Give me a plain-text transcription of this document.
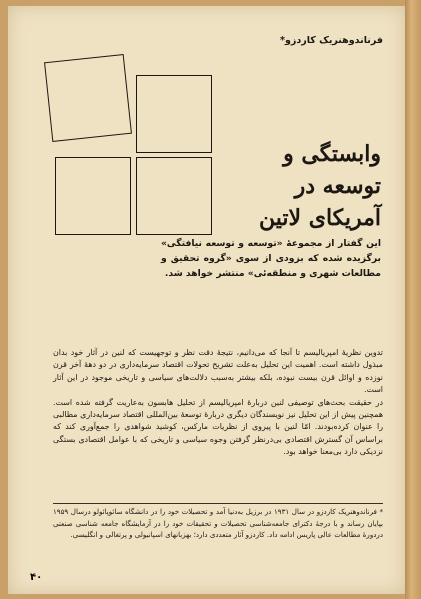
فرناندوهنریک کاردزو*
وابستگی و
توسعه در
آمریکای لاتین
این گفتار از مجموعهٔ «توسعه و توسعه نیافتگی» برگزیده شده که بزودی از سوی «گروه تحقیق و مطالعات شهری و منطقه‌ئی» منتشر خواهد شد.

تدوین نظریهٔ امپریالیسم تا آنجا که می‌دانیم، نتیجهٔ دقت نظر و توجهیست که لنین در آثار خود بدان مبذول داشته است. اهمیت این تحلیل به‌علت تشریح تحولات اقتصاد سرمایه‌داری در دو دههٔ آخر قرن نوزده و اوائل قرن بیست نبوده، بلکه بیشتر به‌سبب دلالت‌های سیاسی و تاریخی موجود در این آثار است.

در حقیقت بحث‌های توصیفی لنین دربارهٔ امپریالیسم از تحلیل هابسون به‌عاریت گرفته شده است. همچنین پیش از این تحلیل نیز نویسندگان دیگری دربارهٔ توسعهٔ بین‌المللی اقتصاد سرمایه‌داری مطالبی را عنوان کرده‌بودند. امّا لنین با پیروی از نظریات مارکس، کوشید شواهدی را جمع‌آوری کند که براساس آن گسترش اقتصادی بی‌درنظر گرفتن وجوه سیاسی و تاریخی که با عوامل اقتصادی بستگی نزدیکی دارد بی‌معنا خواهد بود.

* فرناندوهنریک کاردزو در سال ۱۹۳۱ در برزیل به‌دنیا آمد و تحصیلات خود را در دانشگاه سائوپائولو درسال ۱۹۵۹ بپایان رساند و با درجهٔ دکترای جامعه‌شناسی تحصیلات و تحقیقات خود را در آزمایشگاه جامعه شناسی صنعتی دردورهٔ مطالعات عالی پاریس ادامه داد. کاردزو آثار متعددی دارد؛ بهزبانهای اسپانیولی و پرتغالی و انگلیسی.
۴۰
